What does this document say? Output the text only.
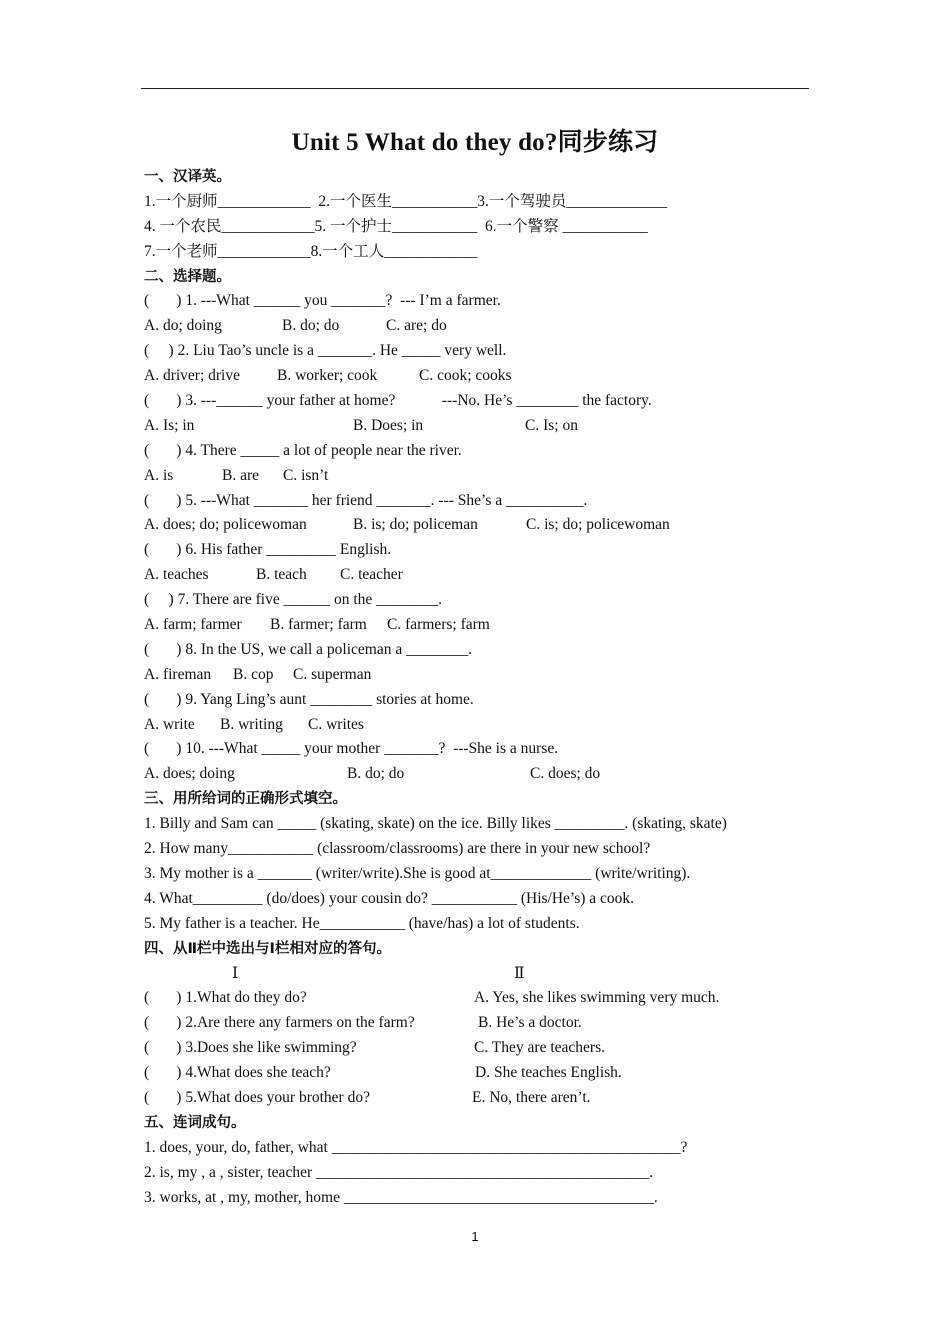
Unit 5 What do they do?同步练习
一、汉译英。
1.一个厨师____________ 2.一个医生___________3.一个驾驶员_____________
4. 一个农民____________5. 一个护士___________ 6.一个警察 ___________
7.一个老师____________8.一个工人____________
二、选择题。
(       ) 1. ---What ______ you _______?  --- I’m a farmer.
A. do; doing	B. do; do	C. are; do
(     ) 2. Liu Tao’s uncle is a _______. He _____ very well.
A. driver; drive B. worker; cook	C. cook; cooks
(       ) 3. ---______ your father at home?            ---No. He’s ________ the factory.
A. Is; in	B. Does; in	C. Is; on
(       ) 4. There _____ a lot of people near the river.
A. is	B. are C. isn’t
(       ) 5. ---What _______ her friend _______. --- She’s a __________.
A. does; do; policewoman	B. is; do; policeman	C. is; do; policewoman
(       ) 6. His father _________ English.
A. teaches	B. teach C. teacher
(     ) 7. There are five ______ on the ________.
A. farm; farmer B. farmer; farm C. farmers; farm
(       ) 8. In the US, we call a policeman a ________.
A. fireman B. cop C. superman
(       ) 9. Yang Ling’s aunt ________ stories at home.
A. write B. writing C. writes
(       ) 10. ---What _____ your mother _______?  ---She is a nurse.
A. does; doing	B. do; do	C. does; do
三、用所给词的正确形式填空。
1. Billy and Sam can _____ (skating, skate) on the ice. Billy likes _________. (skating, skate)
2. How many___________ (classroom/classrooms) are there in your new school?
3. My mother is a _______ (writer/write).She is good at_____________ (write/writing).
4. What_________ (do/does) your cousin do? ___________ (His/He’s) a cook.
5. My father is a teacher. He___________ (have/has) a lot of students.
四、从Ⅱ栏中选出与Ⅰ栏相对应的答句。
Ⅰ	Ⅱ
(       ) 1.What do they do?	A. Yes, she likes swimming very much.
(       ) 2.Are there any farmers on the farm?	B. He’s a doctor.
(       ) 3.Does she like swimming?	C. They are teachers.
(       ) 4.What does she teach?	D. She teaches English.
(       ) 5.What does your brother do?	E. No, there aren’t.
五、连词成句。
1. does, your, do, father, what _____________________________________________?
2. is, my , a , sister, teacher ___________________________________________.
3. works, at , my, mother, home ________________________________________.
1
